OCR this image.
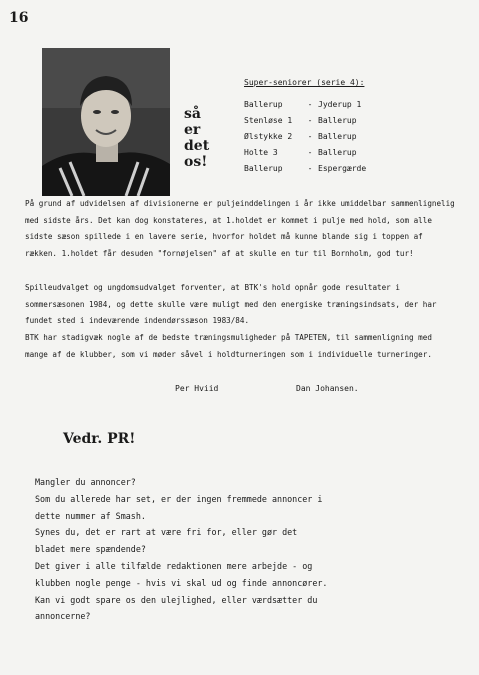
16
så
er
det
os!
Super-seniorer (serie 4):
Ballerup	- Jyderup 1
Stenløse 1	- Ballerup
Ølstykke 2	- Ballerup
Holte 3	- Ballerup
Ballerup	- Espergærde

På grund af udvidelsen af divisionerne er puljeinddelingen i år ikke umiddelbar sammenlignelig med sidste års. Det kan dog konstateres, at 1.holdet er kommet i pulje med hold, som alle sidste sæson spillede i en lavere serie, hvorfor holdet må kunne blande sig i toppen af rækken. 1.holdet får desuden "fornøjelsen" af at skulle en tur til Bornholm, god tur!

Spilleudvalget og ungdomsudvalget forventer, at BTK's hold opnår gode resultater i sommersæsonen 1984, og dette skulle være muligt med den energiske træningsindsats, der har fundet sted i indeværende indendørssæson 1983/84.

BTK har stadigvæk nogle af de bedste træningsmuligheder på TAPETEN, til sammenligning med mange af de klubber, som vi møder såvel i holdturneringen som i individuelle turneringer.

Per Hviid	Dan Johansen.
Vedr. PR!
Mangler du annoncer?
Som du allerede har set, er der ingen fremmede annoncer i
dette nummer af Smash.
Synes du, det er rart at være fri for, eller gør det
bladet mere spændende?
Det giver i alle tilfælde redaktionen mere arbejde - og
klubben nogle penge - hvis vi skal ud og finde annoncører.
Kan vi godt spare os den ulejlighed, eller værdsætter du
annoncerne?
